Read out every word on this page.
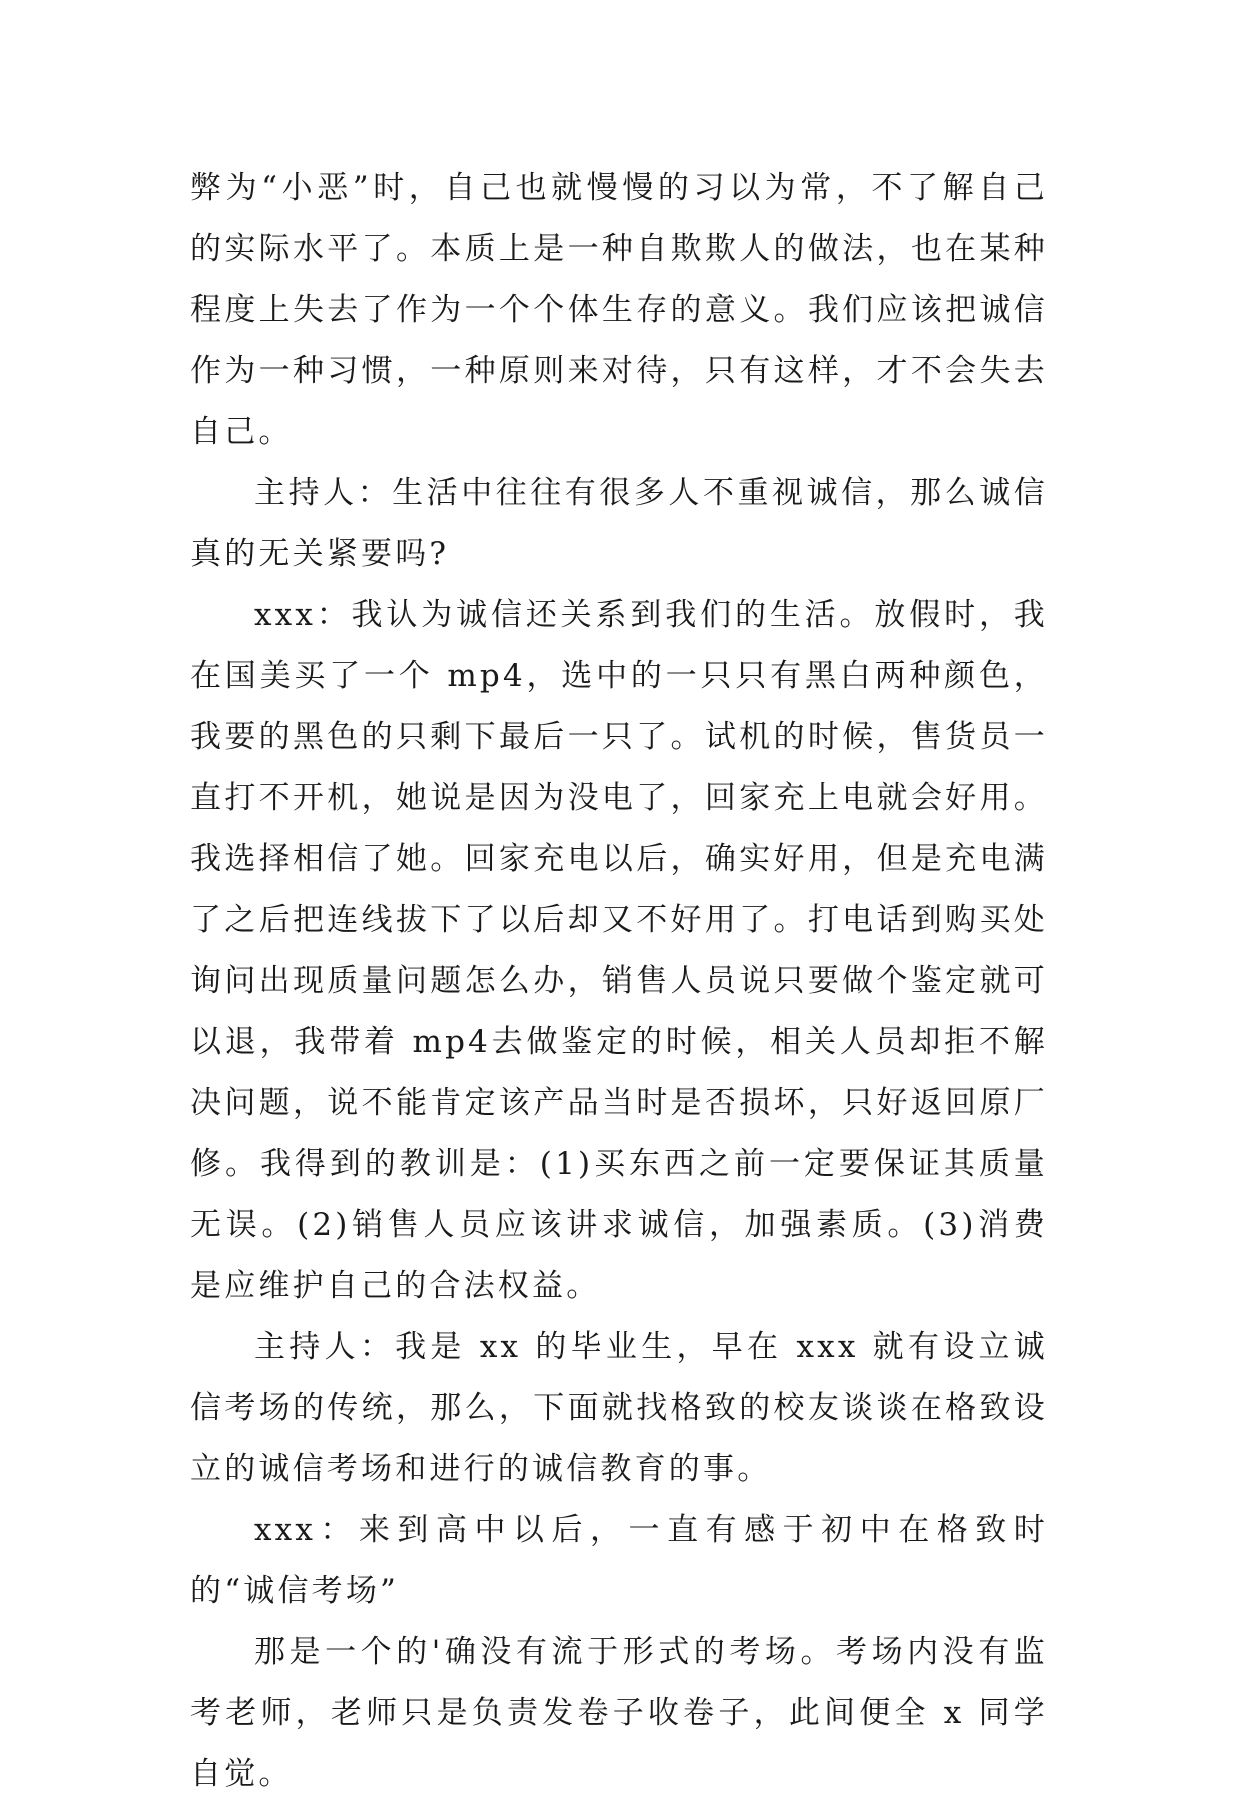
弊为“小恶”时，自己也就慢慢的习以为常，不了解自己的实际水平了。本质上是一种自欺欺人的做法，也在某种程度上失去了作为一个个体生存的意义。我们应该把诚信作为一种习惯，一种原则来对待，只有这样，才不会失去自己。

主持人：生活中往往有很多人不重视诚信，那么诚信真的无关紧要吗?

xxx：我认为诚信还关系到我们的生活。放假时，我在国美买了一个 mp4，选中的一只只有黑白两种颜色，我要的黑色的只剩下最后一只了。试机的时候，售货员一直打不开机，她说是因为没电了，回家充上电就会好用。我选择相信了她。回家充电以后，确实好用，但是充电满了之后把连线拔下了以后却又不好用了。打电话到购买处询问出现质量问题怎么办，销售人员说只要做个鉴定就可以退，我带着 mp4去做鉴定的时候，相关人员却拒不解决问题，说不能肯定该产品当时是否损坏，只好返回原厂修。我得到的教训是：(1)买东西之前一定要保证其质量无误。(2)销售人员应该讲求诚信，加强素质。(3)消费是应维护自己的合法权益。

主持人：我是 xx 的毕业生，早在 xxx 就有设立诚信考场的传统，那么，下面就找格致的校友谈谈在格致设立的诚信考场和进行的诚信教育的事。

xxx：来到高中以后，一直有感于初中在格致时的“诚信考场”

那是一个的'确没有流于形式的考场。考场内没有监考老师，老师只是负责发卷子收卷子，此间便全 x 同学自觉。
